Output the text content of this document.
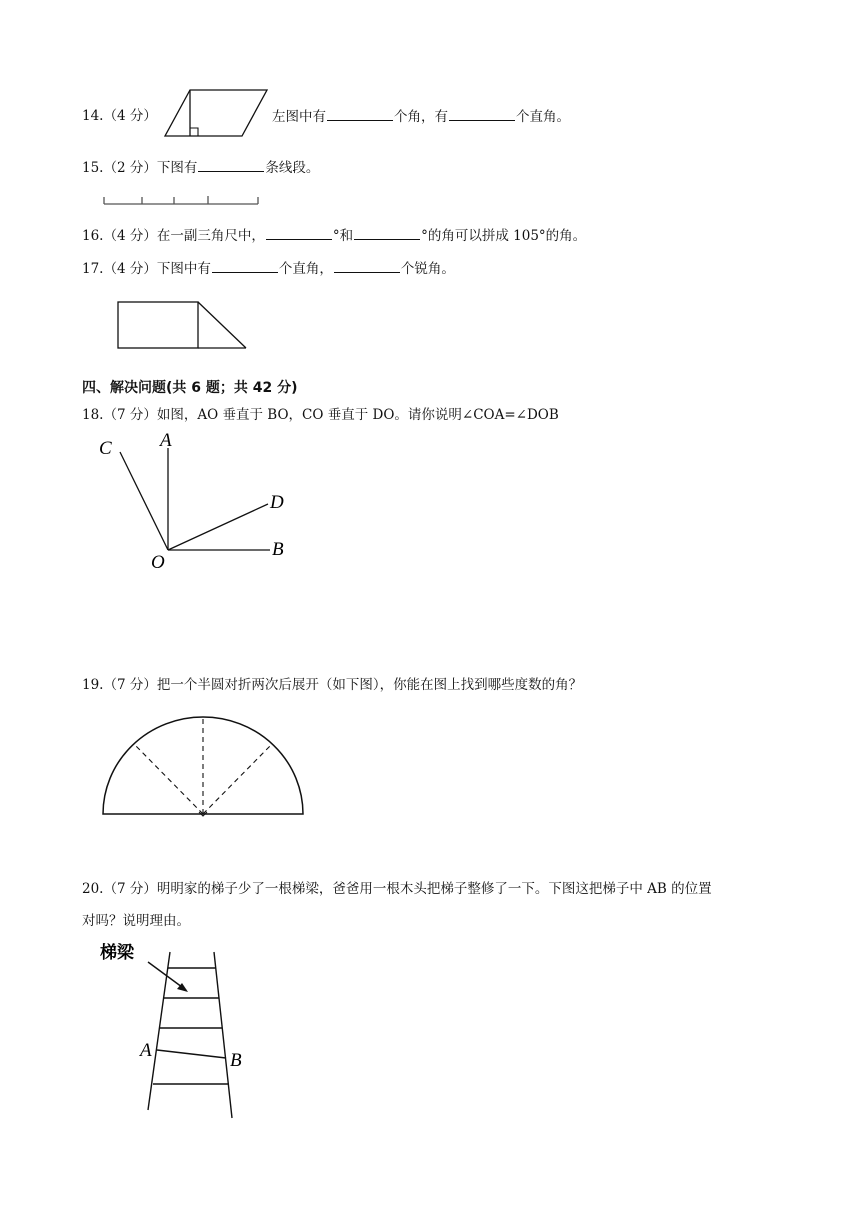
14.（4 分）	左图中有	个角，有	个直角。
15.（2 分）下图有	条线段。
16.（4 分）在一副三角尺中，	°和	°的角可以拼成 105°的角。
17.（4 分）下图中有	个直角，	个锐角。
四、解决问题(共 6 题；共 42 分)
18.（7 分）如图，AO 垂直于 BO，CO 垂直于 DO。请你说明∠COA=∠DOB
C	A
D
B
O
19.（7 分）把一个半圆对折两次后展开（如下图），你能在图上找到哪些度数的角？
20.（7 分）明明家的梯子少了一根梯梁，爸爸用一根木头把梯子整修了一下。下图这把梯子中 AB 的位置
对吗？说明理由。
梯梁
A	B
